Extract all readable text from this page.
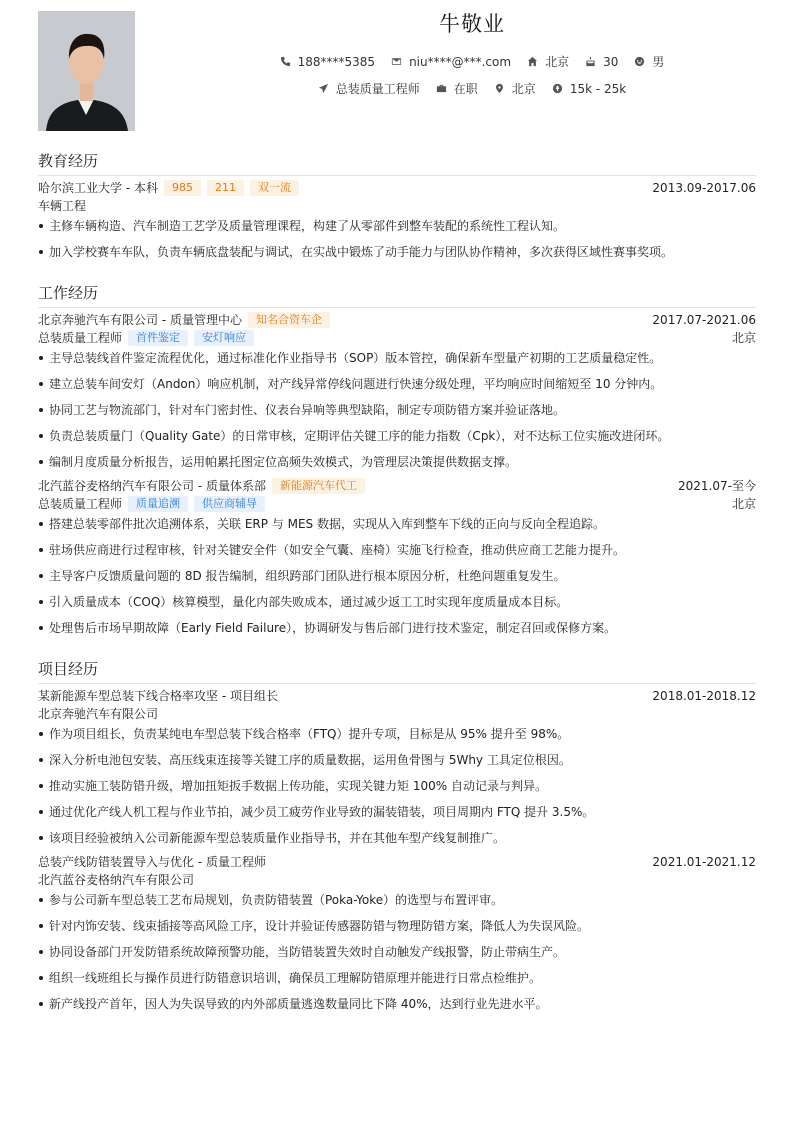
牛敬业
188****5385	niu****@***.com	北京	30	男
总装质量工程师	在职	北京	15k - 25k
教育经历
哈尔滨工业大学 - 本科	985	211	双一流	2013.09-2017.06
车辆工程
主修车辆构造、汽车制造工艺学及质量管理课程，构建了从零部件到整车装配的系统性工程认知。
加入学校赛车车队，负责车辆底盘装配与调试，在实战中锻炼了动手能力与团队协作精神，多次获得区域性赛事奖项。
工作经历
北京奔驰汽车有限公司 - 质量管理中心	知名合资车企	2017.07-2021.06
总装质量工程师	首件鉴定	安灯响应	北京
主导总装线首件鉴定流程优化，通过标准化作业指导书（SOP）版本管控，确保新车型量产初期的工艺质量稳定性。
建立总装车间安灯（Andon）响应机制，对产线异常停线问题进行快速分级处理，平均响应时间缩短至 10 分钟内。
协同工艺与物流部门，针对车门密封性、仪表台异响等典型缺陷，制定专项防错方案并验证落地。
负责总装质量门（Quality Gate）的日常审核，定期评估关键工序的能力指数（Cpk），对不达标工位实施改进闭环。
编制月度质量分析报告，运用帕累托图定位高频失效模式，为管理层决策提供数据支撑。
北汽蓝谷麦格纳汽车有限公司 - 质量体系部	新能源汽车代工	2021.07-至今
总装质量工程师	质量追溯	供应商辅导	北京
搭建总装零部件批次追溯体系，关联 ERP 与 MES 数据，实现从入库到整车下线的正向与反向全程追踪。
驻场供应商进行过程审核，针对关键安全件（如安全气囊、座椅）实施飞行检查，推动供应商工艺能力提升。
主导客户反馈质量问题的 8D 报告编制，组织跨部门团队进行根本原因分析，杜绝问题重复发生。
引入质量成本（COQ）核算模型，量化内部失败成本，通过减少返工工时实现年度质量成本目标。
处理售后市场早期故障（Early Field Failure），协调研发与售后部门进行技术鉴定，制定召回或保修方案。
项目经历
某新能源车型总装下线合格率攻坚 - 项目组长	2018.01-2018.12
北京奔驰汽车有限公司
作为项目组长，负责某纯电车型总装下线合格率（FTQ）提升专项，目标是从 95% 提升至 98%。
深入分析电池包安装、高压线束连接等关键工序的质量数据，运用鱼骨图与 5Why 工具定位根因。
推动实施工装防错升级，增加扭矩扳手数据上传功能，实现关键力矩 100% 自动记录与判异。
通过优化产线人机工程与作业节拍，减少员工疲劳作业导致的漏装错装，项目周期内 FTQ 提升 3.5%。
该项目经验被纳入公司新能源车型总装质量作业指导书，并在其他车型产线复制推广。
总装产线防错装置导入与优化 - 质量工程师	2021.01-2021.12
北汽蓝谷麦格纳汽车有限公司
参与公司新车型总装工艺布局规划，负责防错装置（Poka-Yoke）的选型与布置评审。
针对内饰安装、线束插接等高风险工序，设计并验证传感器防错与物理防错方案，降低人为失误风险。
协同设备部门开发防错系统故障预警功能，当防错装置失效时自动触发产线报警，防止带病生产。
组织一线班组长与操作员进行防错意识培训，确保员工理解防错原理并能进行日常点检维护。
新产线投产首年，因人为失误导致的内外部质量逃逸数量同比下降 40%，达到行业先进水平。
